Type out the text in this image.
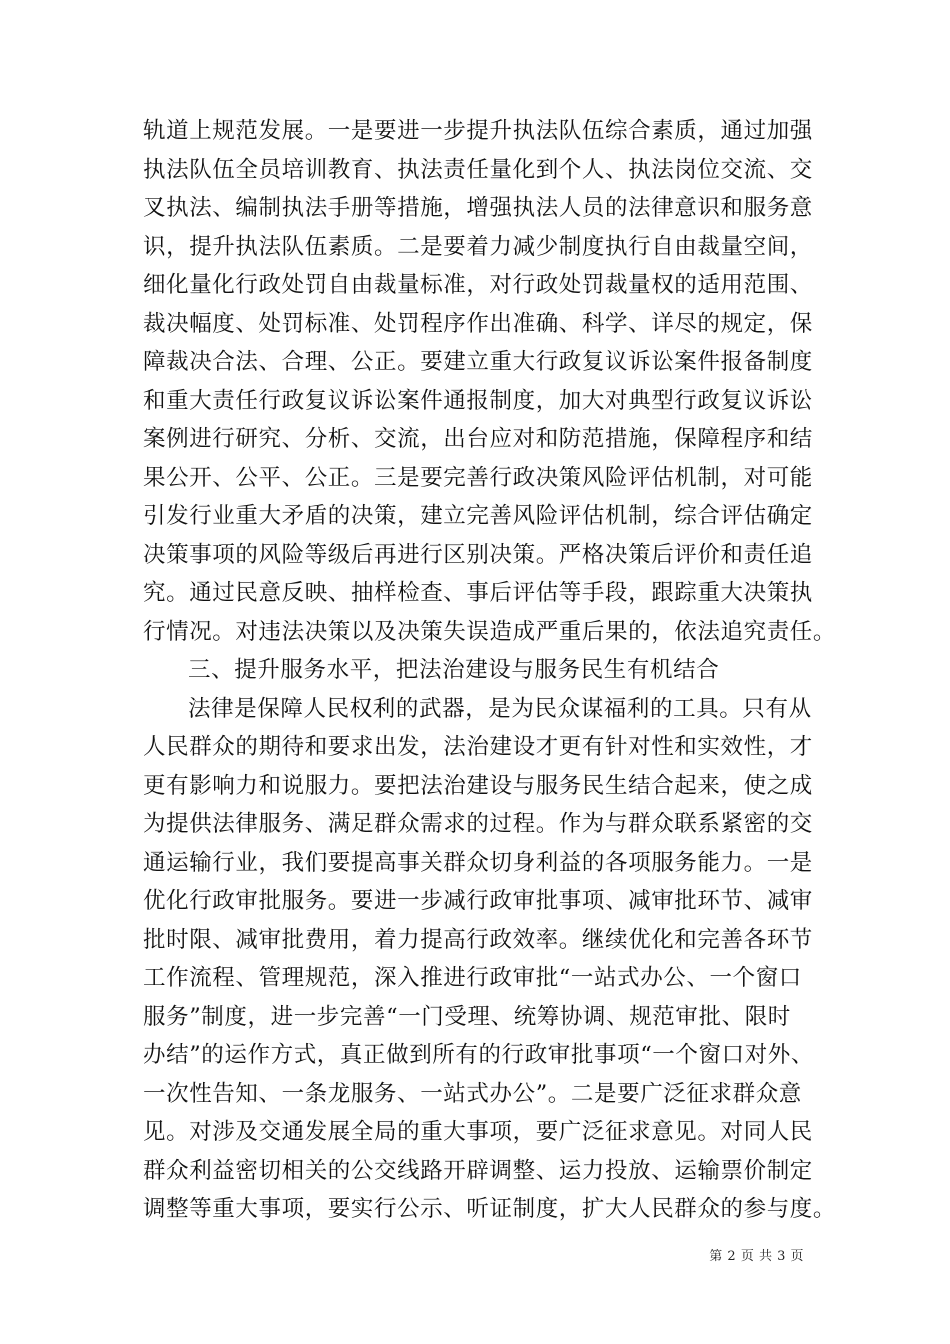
轨道上规范发展。一是要进一步提升执法队伍综合素质，通过加强
执法队伍全员培训教育、执法责任量化到个人、执法岗位交流、交
叉执法、编制执法手册等措施，增强执法人员的法律意识和服务意
识，提升执法队伍素质。二是要着力减少制度执行自由裁量空间，
细化量化行政处罚自由裁量标准，对行政处罚裁量权的适用范围、
裁决幅度、处罚标准、处罚程序作出准确、科学、详尽的规定，保
障裁决合法、合理、公正。要建立重大行政复议诉讼案件报备制度
和重大责任行政复议诉讼案件通报制度，加大对典型行政复议诉讼
案例进行研究、分析、交流，出台应对和防范措施，保障程序和结
果公开、公平、公正。三是要完善行政决策风险评估机制，对可能
引发行业重大矛盾的决策，建立完善风险评估机制，综合评估确定
决策事项的风险等级后再进行区别决策。严格决策后评价和责任追
究。通过民意反映、抽样检查、事后评估等手段，跟踪重大决策执
行情况。对违法决策以及决策失误造成严重后果的，依法追究责任。
三、提升服务水平，把法治建设与服务民生有机结合
法律是保障人民权利的武器，是为民众谋福利的工具。只有从
人民群众的期待和要求出发，法治建设才更有针对性和实效性，才
更有影响力和说服力。要把法治建设与服务民生结合起来，使之成
为提供法律服务、满足群众需求的过程。作为与群众联系紧密的交
通运输行业，我们要提高事关群众切身利益的各项服务能力。一是
优化行政审批服务。要进一步减行政审批事项、减审批环节、减审
批时限、减审批费用，着力提高行政效率。继续优化和完善各环节
工作流程、管理规范，深入推进行政审批“一站式办公、一个窗口
服务”制度，进一步完善“一门受理、统筹协调、规范审批、限时
办结”的运作方式，真正做到所有的行政审批事项“一个窗口对外、
一次性告知、一条龙服务、一站式办公”。二是要广泛征求群众意
见。对涉及交通发展全局的重大事项，要广泛征求意见。对同人民
群众利益密切相关的公交线路开辟调整、运力投放、运输票价制定
调整等重大事项，要实行公示、听证制度，扩大人民群众的参与度。
第 2 页 共 3 页
